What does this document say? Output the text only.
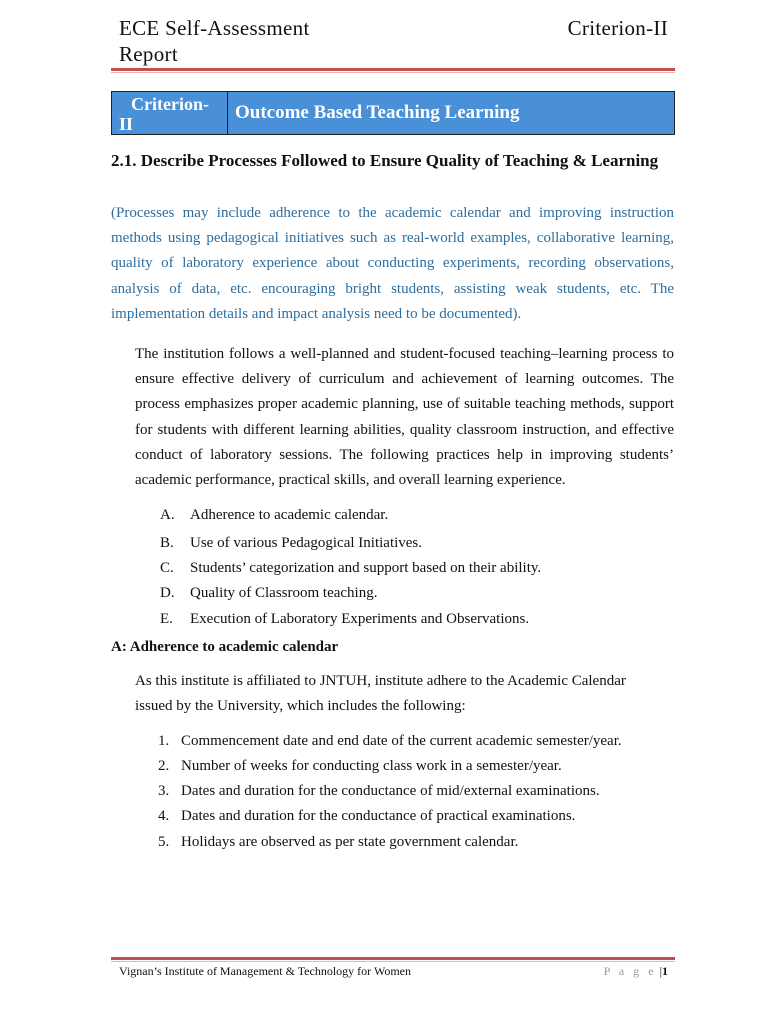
ECE Self-Assessment
Report
Criterion-II
Criterion-
II
Outcome Based Teaching Learning
2.1. Describe Processes Followed to Ensure Quality of Teaching & Learning
(Processes may include adherence to the academic calendar and improving instruction methods using pedagogical initiatives such as real-world examples, collaborative learning, quality of laboratory experience about conducting experiments, recording observations, analysis of data, etc. encouraging bright students, assisting weak students, etc. The implementation details and impact analysis need to be documented).
The institution follows a well-planned and student-focused teaching–learning process to ensure effective delivery of curriculum and achievement of learning outcomes. The process emphasizes proper academic planning, use of suitable teaching methods, support for students with different learning abilities, quality classroom instruction, and effective conduct of laboratory sessions. The following practices help in improving students’ academic performance, practical skills, and overall learning experience.
A. Adherence to academic calendar.
B. Use of various Pedagogical Initiatives.
C. Students’ categorization and support based on their ability.
D. Quality of Classroom teaching.
E. Execution of Laboratory Experiments and Observations.
A: Adherence to academic calendar
As this institute is affiliated to JNTUH, institute adhere to the Academic Calendar issued by the University, which includes the following:
1. Commencement date and end date of the current academic semester/year.
2. Number of weeks for conducting class work in a semester/year.
3. Dates and duration for the conductance of mid/external examinations.
4. Dates and duration for the conductance of practical examinations.
5. Holidays are observed as per state government calendar.
Vignan’s Institute of Management & Technology for Women	P a g e |1
